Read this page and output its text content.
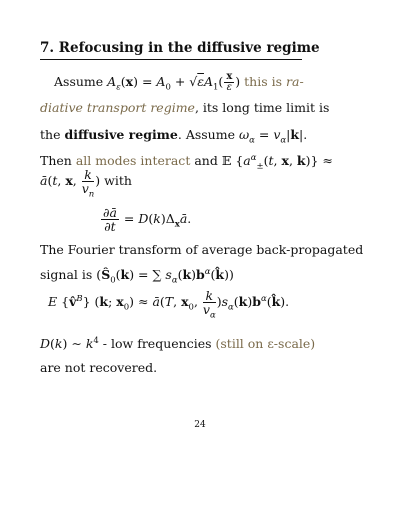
7. Refocusing in the diffusive regime
Assume $A_\varepsilon(x) = A_0 + √\varepsilon A_1( \frac{x}{\varepsilon}$ ) this is ra-
diative transport regime, its long time limit is
the diffusive regime. Assume $\omega_\alpha = v_\alpha|k|$.
Then all modes interact and 𝔼 {$a^\alpha_\pm(t$, x, k)} ≈
ā(t, x, $\frac{k}{v_n}$ ) with
$\frac{\partial ā}{\partial t}$ = $D(k)\Delta_xā$.
The Fourier transform of average back-propagated
signal is ($Ŝ_0(k)$ = ∑ $s_\alpha(k)b^\alpha(k̂)$)
E {v̂$^B$} (k; $x_0$) ≈ ā(T, $x_0$, $\frac{k}{v_\alpha}$ )$s_\alpha(k)b^\alpha(k̂)$.
D(k) ∼ $k^4$ - low frequencies (still on ε-scale)
are not recovered.
24
